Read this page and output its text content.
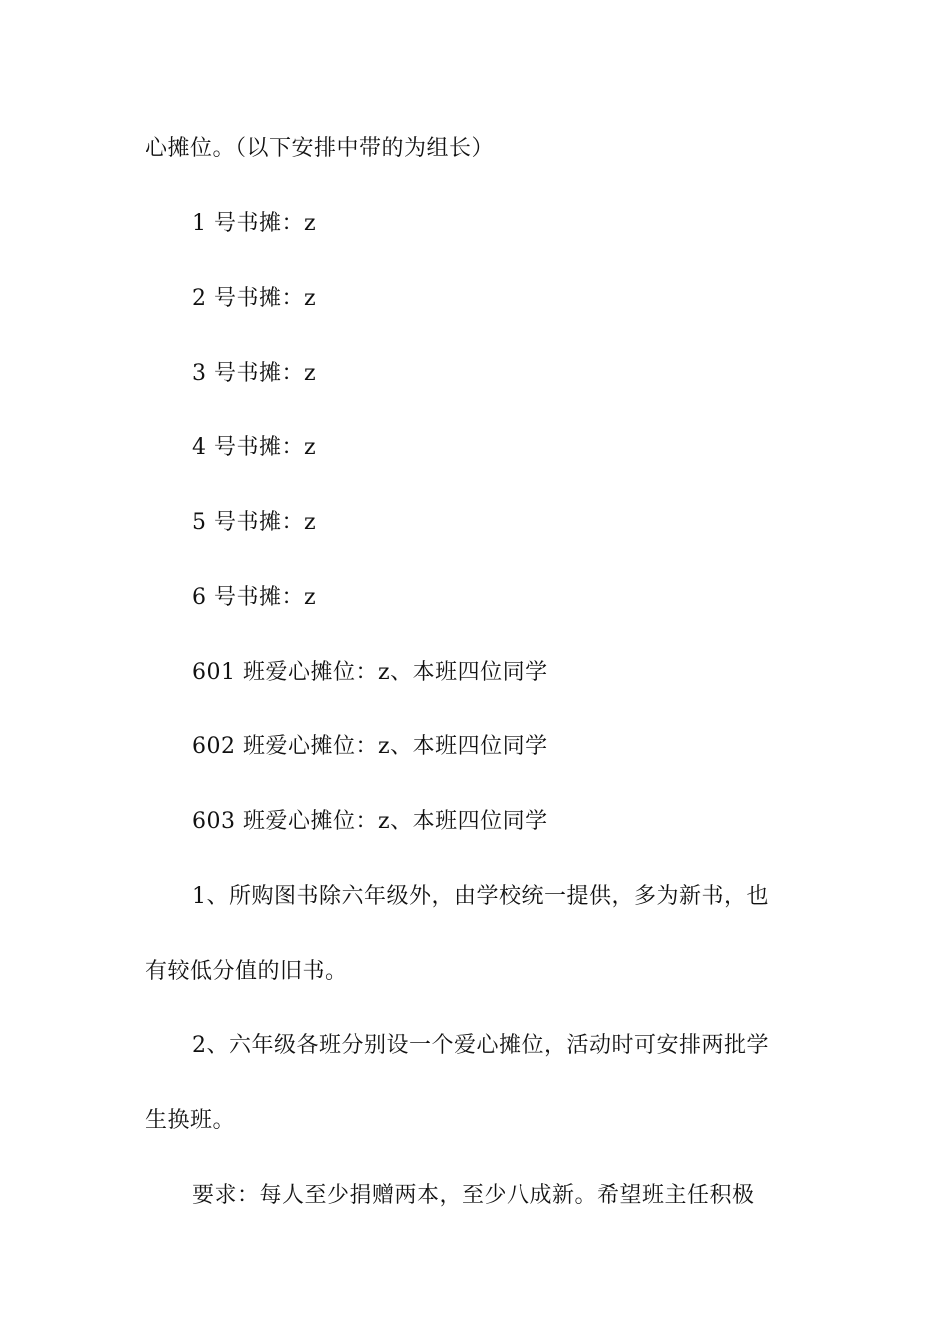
心摊位。（以下安排中带的为组长）
1 号书摊：z
2 号书摊：z
3 号书摊：z
4 号书摊：z
5 号书摊：z
6 号书摊：z
601 班爱心摊位：z、本班四位同学
602 班爱心摊位：z、本班四位同学
603 班爱心摊位：z、本班四位同学
1、所购图书除六年级外，由学校统一提供，多为新书，也
有较低分值的旧书。
2、六年级各班分别设一个爱心摊位，活动时可安排两批学
生换班。
要求：每人至少捐赠两本，至少八成新。希望班主任积极
